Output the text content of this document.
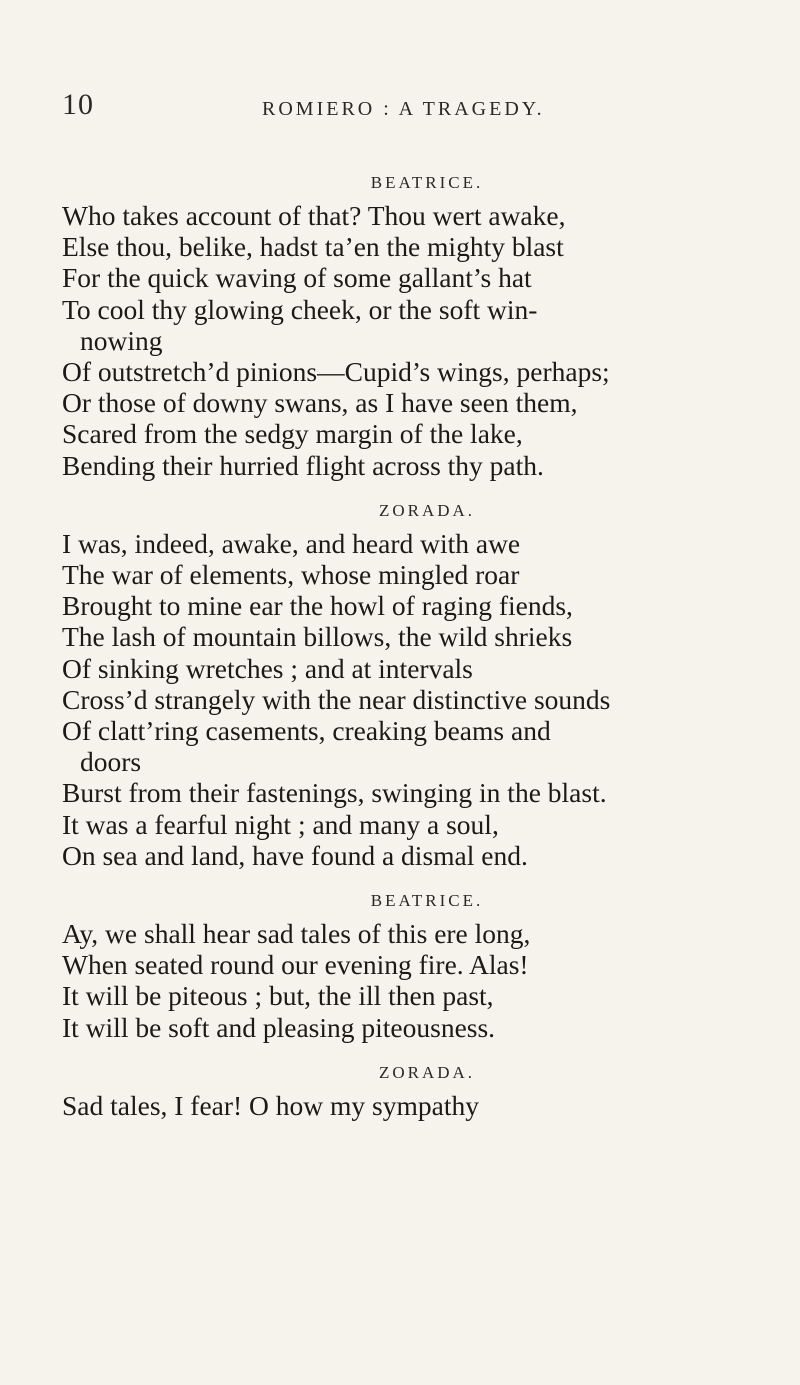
10	ROMIERO : A TRAGEDY.

BEATRICE.

Who takes account of that? Thou wert awake,

Else thou, belike, hadst ta’en the mighty blast

For the quick waving of some gallant’s hat

To cool thy glowing cheek, or the soft win-

nowing

Of outstretch’d pinions—Cupid’s wings, perhaps;

Or those of downy swans, as I have seen them,

Scared from the sedgy margin of the lake,

Bending their hurried flight across thy path.

ZORADA.

I was, indeed, awake, and heard with awe

The war of elements, whose mingled roar

Brought to mine ear the howl of raging fiends,

The lash of mountain billows, the wild shrieks

Of sinking wretches ; and at intervals

Cross’d strangely with the near distinctive sounds

Of clatt’ring casements, creaking beams and

doors

Burst from their fastenings, swinging in the blast.

It was a fearful night ; and many a soul,

On sea and land, have found a dismal end.

BEATRICE.

Ay, we shall hear sad tales of this ere long,

When seated round our evening fire. Alas!

It will be piteous ; but, the ill then past,

It will be soft and pleasing piteousness.

ZORADA.

Sad tales, I fear! O how my sympathy
